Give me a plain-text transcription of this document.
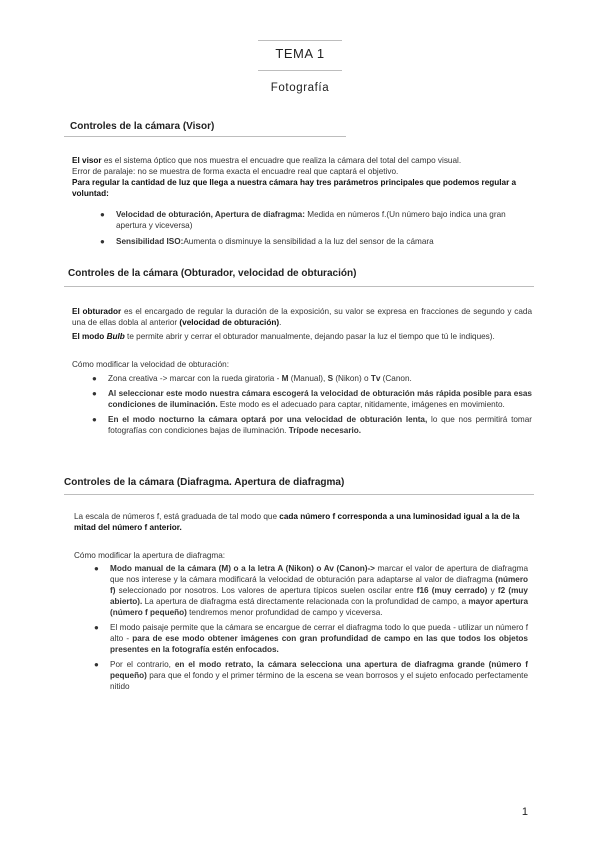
TEMA 1
Fotografía
Controles de la cámara (Visor)
El visor es el sistema óptico que nos muestra el encuadre que realiza la cámara del total del campo visual.
Error de paralaje: no se muestra de forma exacta el encuadre real que captará el objetivo.
Para regular la cantidad de luz que llega a nuestra cámara hay tres parámetros principales que podemos regular a voluntad:
● Velocidad de obturación, Apertura de diafragma: Medida en números f.(Un número bajo indica una gran apertura y viceversa)
● Sensibilidad ISO:Aumenta o disminuye la sensibilidad a la luz del sensor de la cámara
Controles de la cámara (Obturador, velocidad de obturación)
El obturador es el encargado de regular la duración de la exposición, su valor se expresa en fracciones de segundo y cada una de ellas dobla al anterior (velocidad de obturación).
El modo Bulb te permite abrir y cerrar el obturador manualmente, dejando pasar la luz el tiempo que tú le indiques).
Cómo modificar la velocidad de obturación:
● Zona creativa -> marcar con la rueda giratoria - M (Manual), S (Nikon) o Tv (Canon.
● Al seleccionar este modo nuestra cámara escogerá la velocidad de obturación más rápida posible para esas condiciones de iluminación. Este modo es el adecuado para captar, nitidamente, imágenes en movimiento.
● En el modo nocturno la cámara optará por una velocidad de obturación lenta, lo que nos permitirá tomar fotografías con condiciones bajas de iluminación. Trípode necesario.
Controles de la cámara (Diafragma. Apertura de diafragma)
La escala de números f, está graduada de tal modo que cada número f corresponda a una luminosidad igual a la de la mitad del número f anterior.
Cómo modificar la apertura de diafragma:
● Modo manual de la cámara (M) o a la letra A (Nikon) o Av (Canon)-> marcar el valor de apertura de diafragma que nos interese y la cámara modificará la velocidad de obturación para adaptarse al valor de diafragma (número f) seleccionado por nosotros. Los valores de apertura típicos suelen oscilar entre f16 (muy cerrado) y f2 (muy abierto). La apertura de diafragma está directamente relacionada con la profundidad de campo, a mayor apertura (número f pequeño) tendremos menor profundidad de campo y viceversa.
● El modo paisaje permite que la cámara se encargue de cerrar el diafragma todo lo que pueda - utilizar un número f alto - para de ese modo obtener imágenes con gran profundidad de campo en las que todos los objetos presentes en la fotografía estén enfocados.
● Por el contrario, en el modo retrato, la cámara selecciona una apertura de diafragma grande (número f pequeño) para que el fondo y el primer término de la escena se vean borrosos y el sujeto enfocado perfectamente nitido
1
